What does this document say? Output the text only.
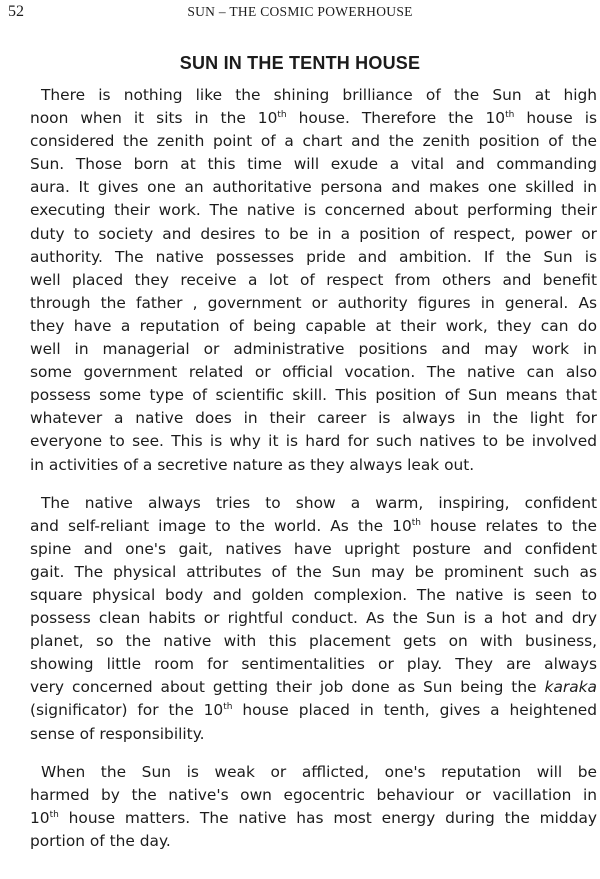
52	SUN – THE COSMIC POWERHOUSE
SUN IN THE TENTH HOUSE

There is nothing like the shining brilliance of the Sun at high
noon when it sits in the 10th house. Therefore the 10th house is
considered the zenith point of a chart and the zenith position of the
Sun. Those born at this time will exude a vital and commanding
aura. It gives one an authoritative persona and makes one skilled in
executing their work. The native is concerned about performing their
duty to society and desires to be in a position of respect, power or
authority. The native possesses pride and ambition. If the Sun is
well placed they receive a lot of respect from others and benefit
through the father , government or authority figures in general. As
they have a reputation of being capable at their work, they can do
well in managerial or administrative positions and may work in
some government related or official vocation. The native can also
possess some type of scientific skill. This position of Sun means that
whatever a native does in their career is always in the light for
everyone to see. This is why it is hard for such natives to be involved
in activities of a secretive nature as they always leak out.

The native always tries to show a warm, inspiring, confident
and self-reliant image to the world. As the 10th house relates to the
spine and one's gait, natives have upright posture and confident
gait. The physical attributes of the Sun may be prominent such as
square physical body and golden complexion. The native is seen to
possess clean habits or rightful conduct. As the Sun is a hot and dry
planet, so the native with this placement gets on with business,
showing little room for sentimentalities or play. They are always
very concerned about getting their job done as Sun being the karaka
(significator) for the 10th house placed in tenth, gives a heightened
sense of responsibility.

When the Sun is weak or afflicted, one's reputation will be
harmed by the native's own egocentric behaviour or vacillation in
10th house matters. The native has most energy during the midday
portion of the day.
